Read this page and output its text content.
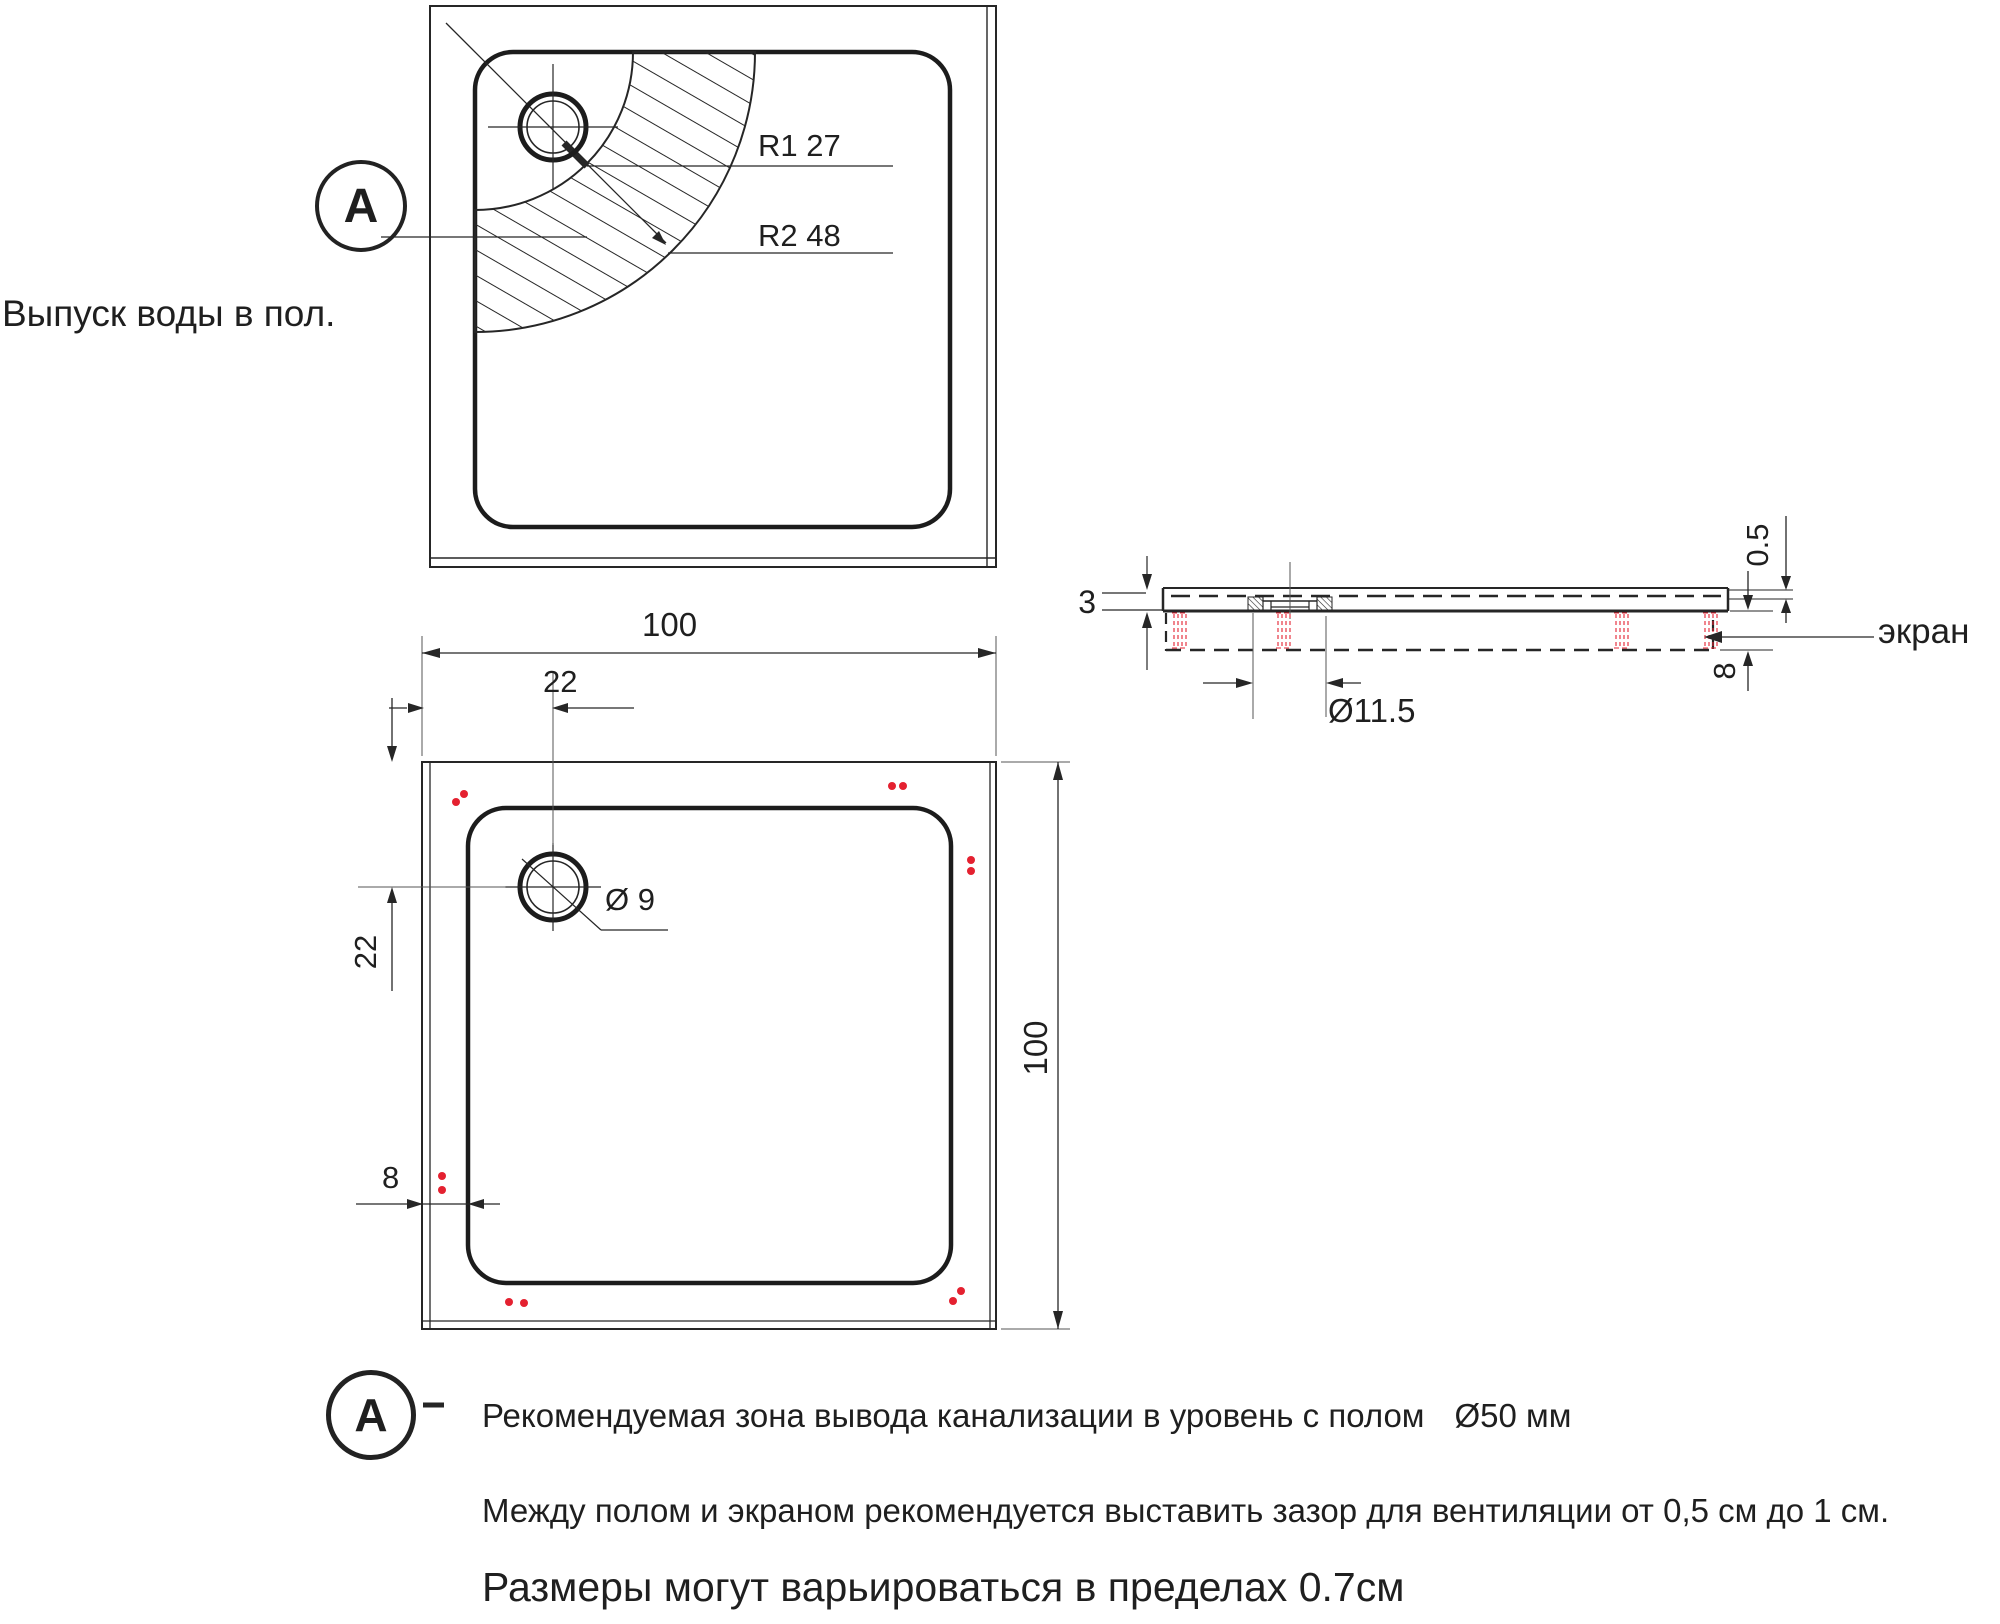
Выпуск воды в пол.
A
R1 27
R2 48
3
Ø11.5
0.5
8
экран
100
22
22
100
8
Ø 9
A	Рекомендуемая зона вывода канализации в уровень с полом Ø50 мм
Между полом и экраном рекомендуется выставить зазор для вентиляции от 0,5 см до 1 см.
Размеры могут варьироваться в пределах 0.7см
